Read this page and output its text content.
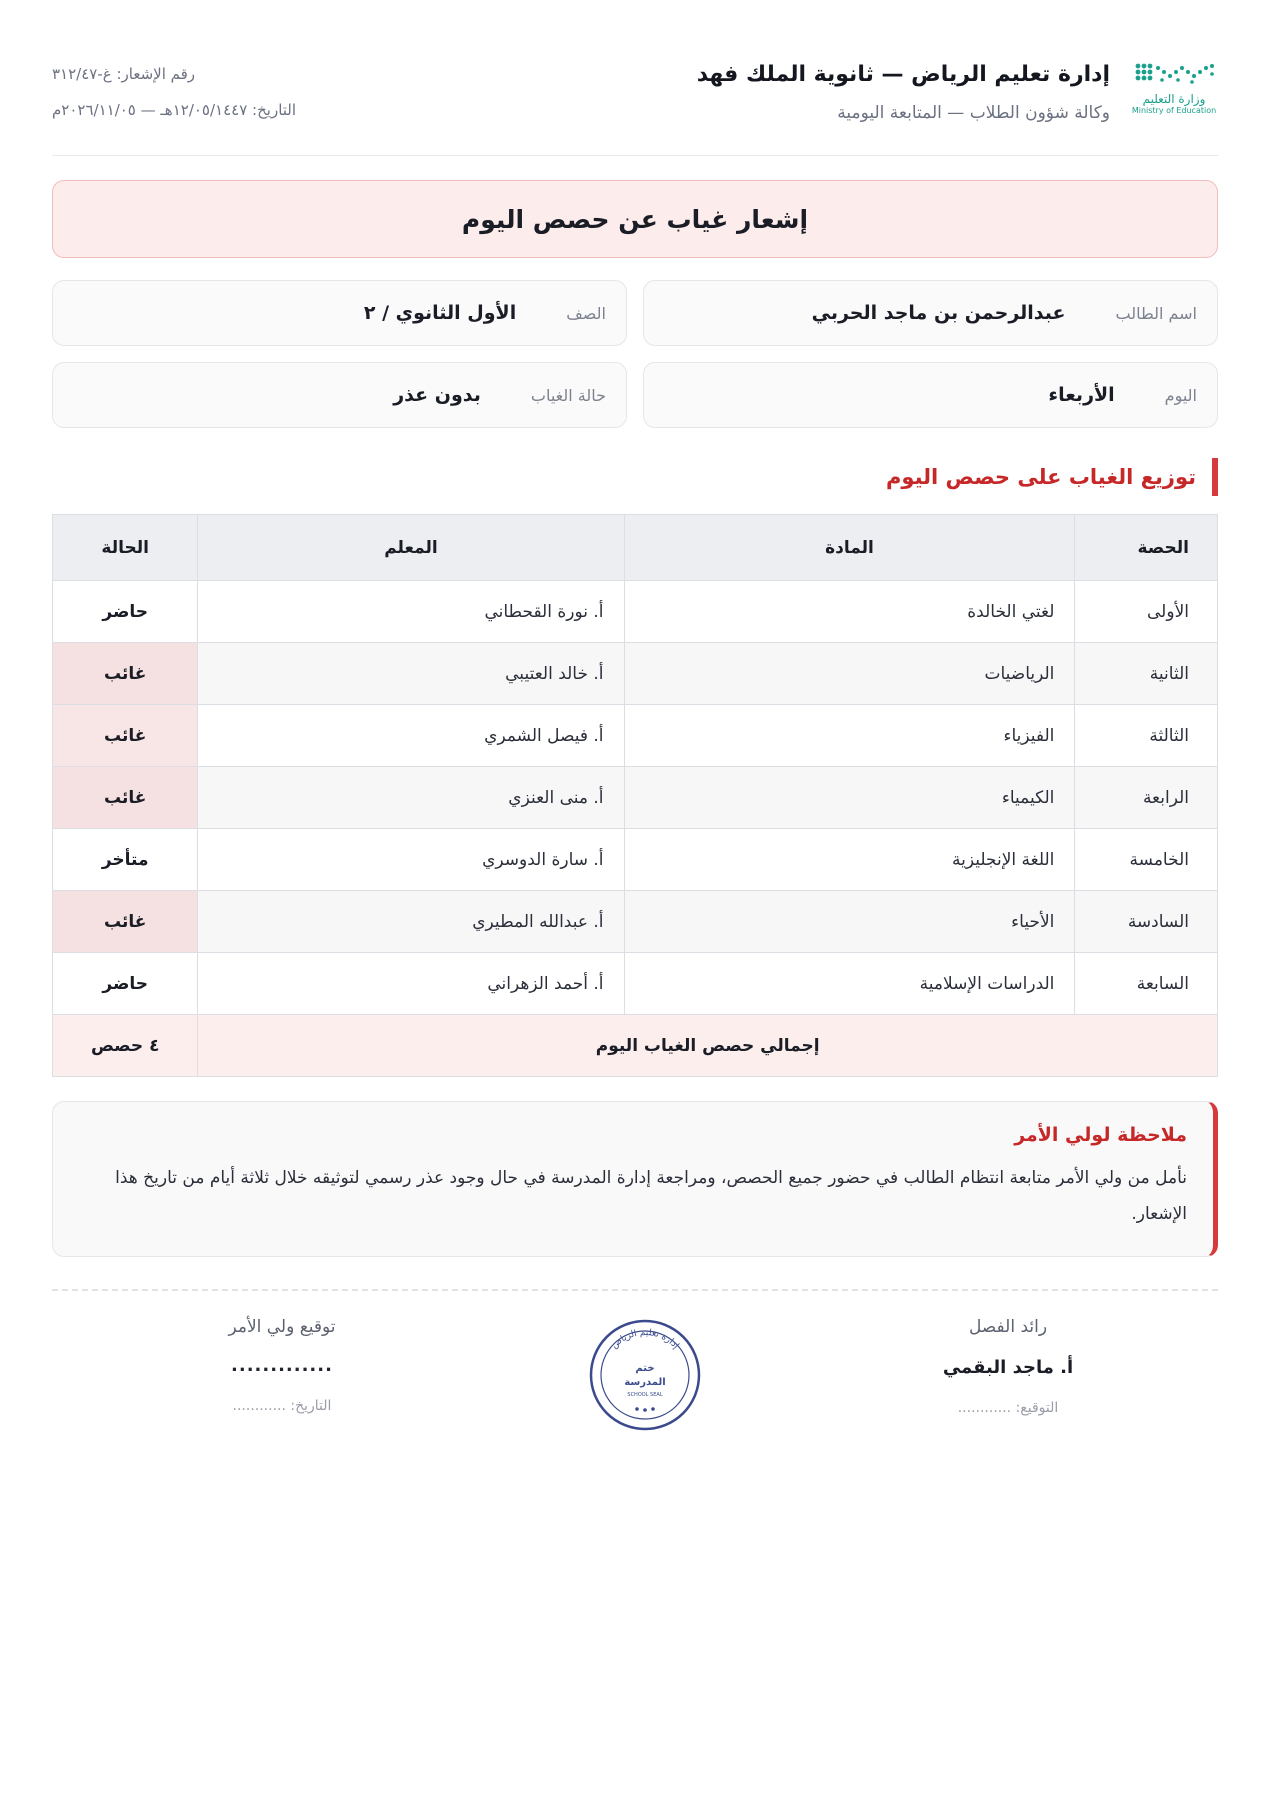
وزارة التعليم
Ministry of Education
إدارة تعليم الرياض — ثانوية الملك فهد
وكالة شؤون الطلاب — المتابعة اليومية
رقم الإشعار: غ-٣١٢/٤٧
التاريخ: ١٢/٠٥/١٤٤٧هـ — ٢٠٢٦/١١/٠٥م
إشعار غياب عن حصص اليوم
اسم الطالب
عبدالرحمن بن ماجد الحربي
الصف
الأول الثانوي / ٢
اليوم
الأربعاء
حالة الغياب
بدون عذر
توزيع الغياب على حصص اليوم
الحصة	المادة	المعلم	الحالة
الأولى	لغتي الخالدة	أ. نورة القحطاني	حاضر
الثانية	الرياضيات	أ. خالد العتيبي	غائب
الثالثة	الفيزياء	أ. فيصل الشمري	غائب
الرابعة	الكيمياء	أ. منى العنزي	غائب
الخامسة	اللغة الإنجليزية	أ. سارة الدوسري	متأخر
السادسة	الأحياء	أ. عبدالله المطيري	غائب
السابعة	الدراسات الإسلامية	أ. أحمد الزهراني	حاضر
إجمالي حصص الغياب اليوم			٤ حصص
ملاحظة لولي الأمر

نأمل من ولي الأمر متابعة انتظام الطالب في حضور جميع الحصص، ومراجعة إدارة المدرسة في حال وجود عذر رسمي لتوثيقه خلال ثلاثة أيام من تاريخ هذا الإشعار.

رائد الفصل
أ. ماجد البقمي
التوقيع: ............
إدارة تعليم الرياض
ختم
المدرسة
SCHOOL SEAL
توقيع ولي الأمر
.............
التاريخ: ............
